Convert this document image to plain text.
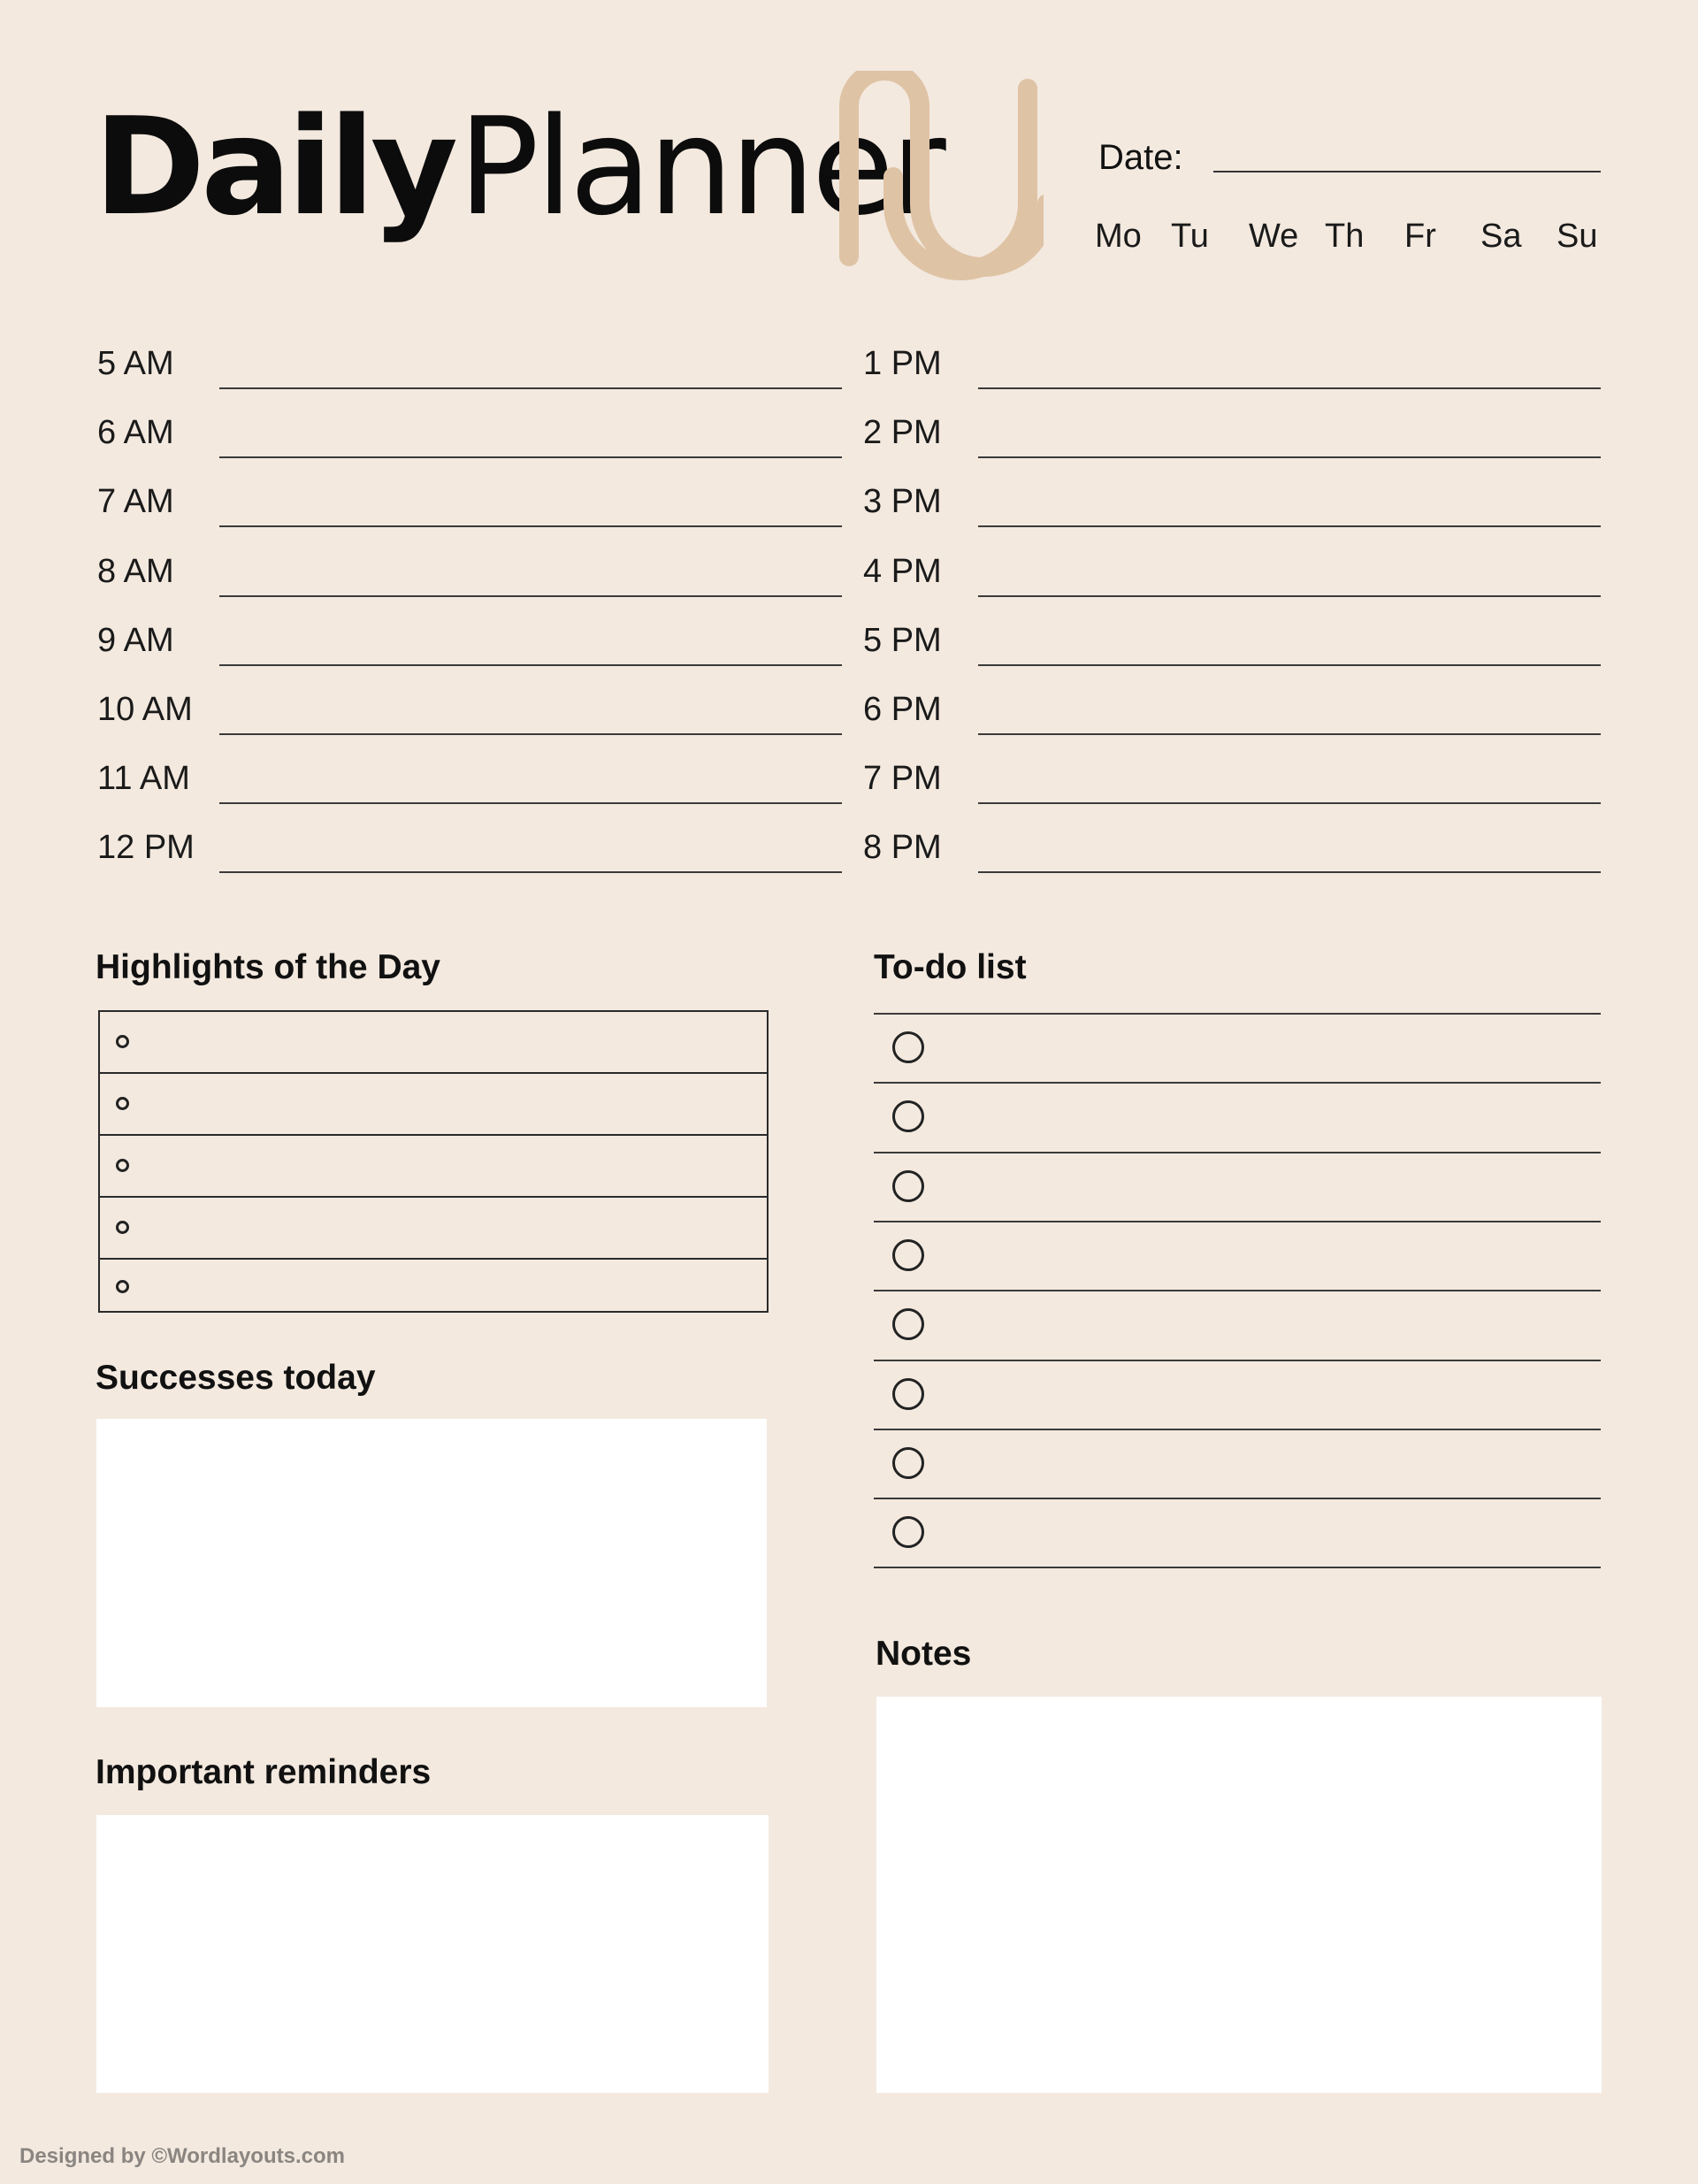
Daily Planner	Date:
Mo Tu We Th Fr Sa Su
5 AM
6 AM
7 AM
8 AM
9 AM
10 AM
11 AM
12 PM
1 PM
2 PM
3 PM
4 PM
5 PM
6 PM
7 PM
8 PM
Highlights of the Day	To-do list
Successes today
Notes
Important reminders
Designed by ©Wordlayouts.com
